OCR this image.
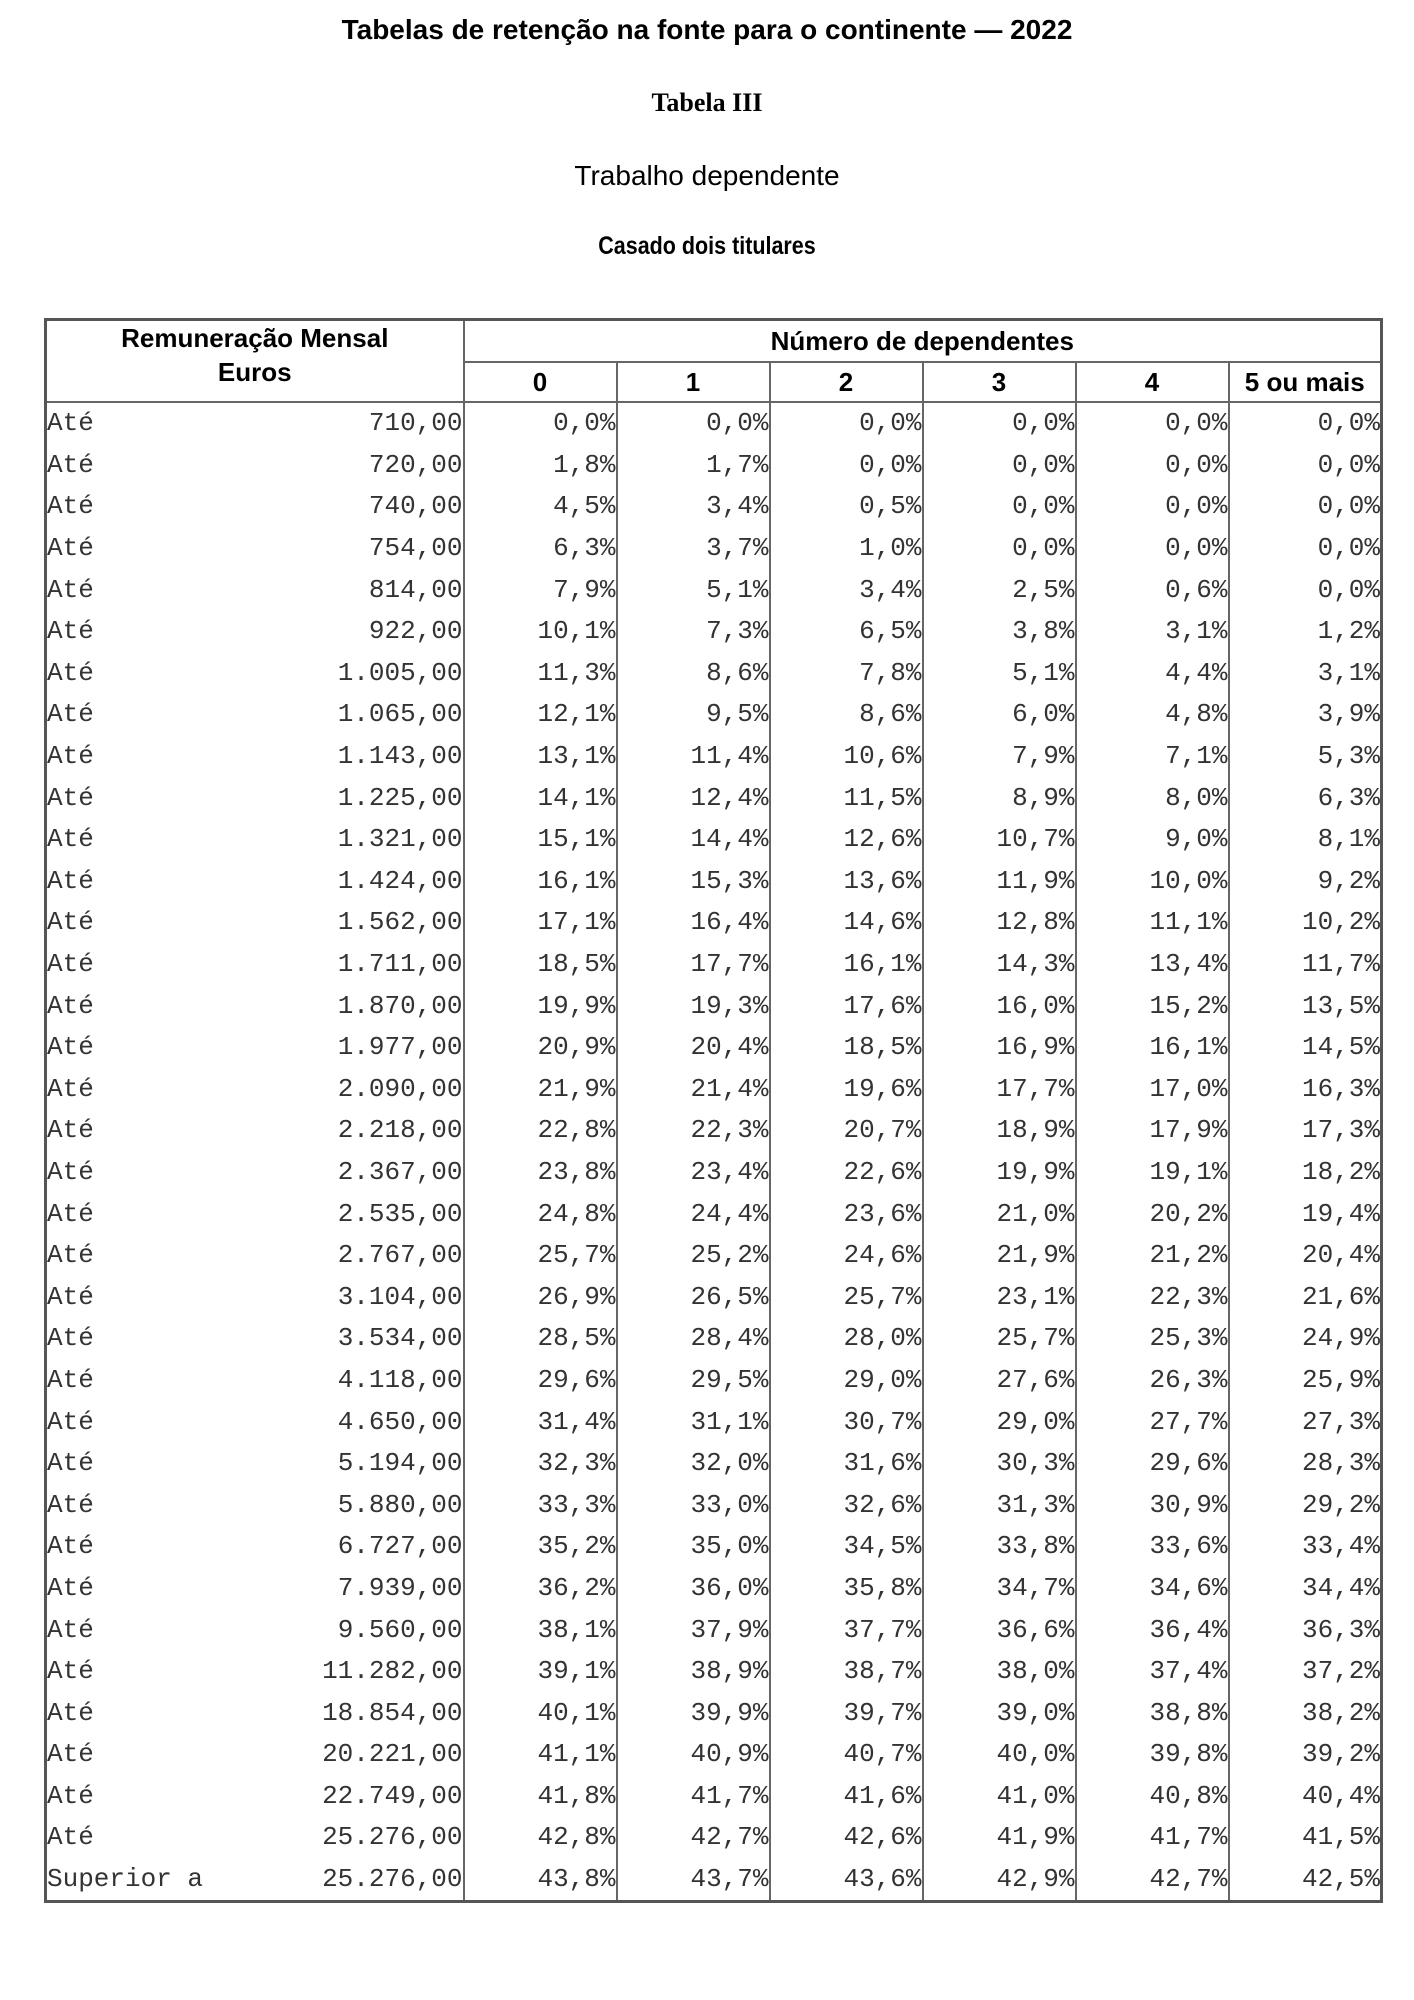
Tabelas de retenção na fonte para o continente — 2022
Tabela III
Trabalho dependente
Casado dois titulares
Remuneração Mensal
Euros		Número de dependentes					
		0	1	2	3	4	5 ou mais
Até	710,00	0,0%	0,0%	0,0%	0,0%	0,0%	0,0%
Até	720,00	1,8%	1,7%	0,0%	0,0%	0,0%	0,0%
Até	740,00	4,5%	3,4%	0,5%	0,0%	0,0%	0,0%
Até	754,00	6,3%	3,7%	1,0%	0,0%	0,0%	0,0%
Até	814,00	7,9%	5,1%	3,4%	2,5%	0,6%	0,0%
Até	922,00	10,1%	7,3%	6,5%	3,8%	3,1%	1,2%
Até	1.005,00	11,3%	8,6%	7,8%	5,1%	4,4%	3,1%
Até	1.065,00	12,1%	9,5%	8,6%	6,0%	4,8%	3,9%
Até	1.143,00	13,1%	11,4%	10,6%	7,9%	7,1%	5,3%
Até	1.225,00	14,1%	12,4%	11,5%	8,9%	8,0%	6,3%
Até	1.321,00	15,1%	14,4%	12,6%	10,7%	9,0%	8,1%
Até	1.424,00	16,1%	15,3%	13,6%	11,9%	10,0%	9,2%
Até	1.562,00	17,1%	16,4%	14,6%	12,8%	11,1%	10,2%
Até	1.711,00	18,5%	17,7%	16,1%	14,3%	13,4%	11,7%
Até	1.870,00	19,9%	19,3%	17,6%	16,0%	15,2%	13,5%
Até	1.977,00	20,9%	20,4%	18,5%	16,9%	16,1%	14,5%
Até	2.090,00	21,9%	21,4%	19,6%	17,7%	17,0%	16,3%
Até	2.218,00	22,8%	22,3%	20,7%	18,9%	17,9%	17,3%
Até	2.367,00	23,8%	23,4%	22,6%	19,9%	19,1%	18,2%
Até	2.535,00	24,8%	24,4%	23,6%	21,0%	20,2%	19,4%
Até	2.767,00	25,7%	25,2%	24,6%	21,9%	21,2%	20,4%
Até	3.104,00	26,9%	26,5%	25,7%	23,1%	22,3%	21,6%
Até	3.534,00	28,5%	28,4%	28,0%	25,7%	25,3%	24,9%
Até	4.118,00	29,6%	29,5%	29,0%	27,6%	26,3%	25,9%
Até	4.650,00	31,4%	31,1%	30,7%	29,0%	27,7%	27,3%
Até	5.194,00	32,3%	32,0%	31,6%	30,3%	29,6%	28,3%
Até	5.880,00	33,3%	33,0%	32,6%	31,3%	30,9%	29,2%
Até	6.727,00	35,2%	35,0%	34,5%	33,8%	33,6%	33,4%
Até	7.939,00	36,2%	36,0%	35,8%	34,7%	34,6%	34,4%
Até	9.560,00	38,1%	37,9%	37,7%	36,6%	36,4%	36,3%
Até	11.282,00	39,1%	38,9%	38,7%	38,0%	37,4%	37,2%
Até	18.854,00	40,1%	39,9%	39,7%	39,0%	38,8%	38,2%
Até	20.221,00	41,1%	40,9%	40,7%	40,0%	39,8%	39,2%
Até	22.749,00	41,8%	41,7%	41,6%	41,0%	40,8%	40,4%
Até	25.276,00	42,8%	42,7%	42,6%	41,9%	41,7%	41,5%
Superior a	25.276,00	43,8%	43,7%	43,6%	42,9%	42,7%	42,5%
